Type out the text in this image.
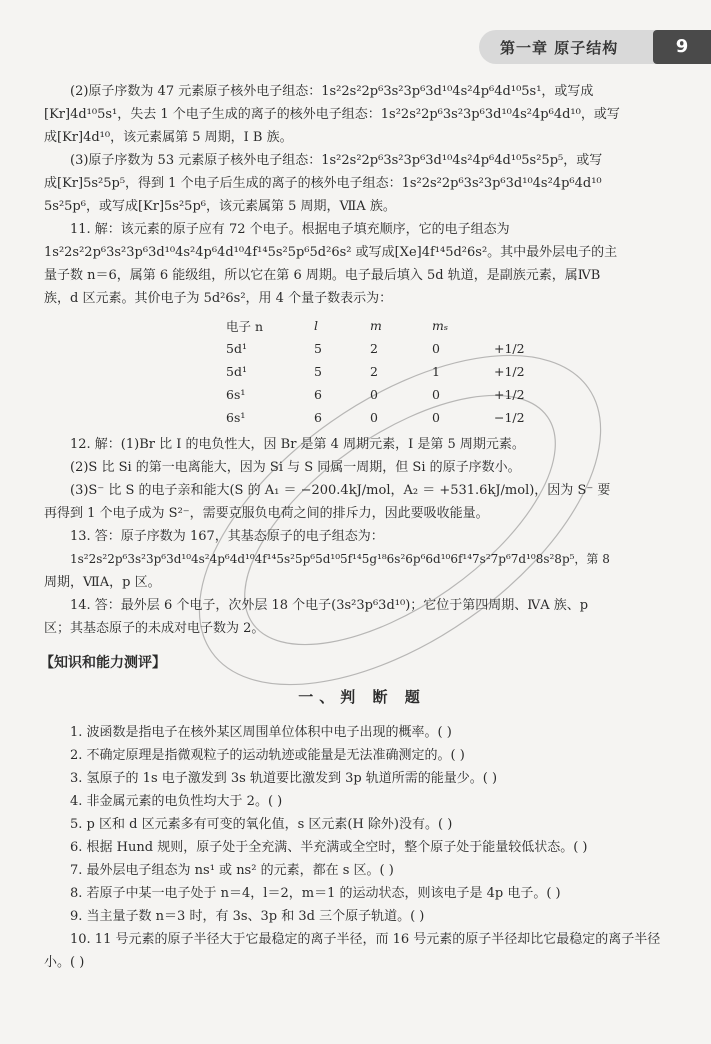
第一章 原子结构	9

(2)原子序数为 47 元素原子核外电子组态：1s²2s²2p⁶3s²3p⁶3d¹⁰4s²4p⁶4d¹⁰5s¹，或写成

[Kr]4d¹⁰5s¹，失去 1 个电子生成的离子的核外电子组态：1s²2s²2p⁶3s²3p⁶3d¹⁰4s²4p⁶4d¹⁰，或写

成[Kr]4d¹⁰，该元素属第 5 周期，Ⅰ B 族。

(3)原子序数为 53 元素原子核外电子组态：1s²2s²2p⁶3s²3p⁶3d¹⁰4s²4p⁶4d¹⁰5s²5p⁵，或写

成[Kr]5s²5p⁵，得到 1 个电子后生成的离子的核外电子组态：1s²2s²2p⁶3s²3p⁶3d¹⁰4s²4p⁶4d¹⁰

5s²5p⁶，或写成[Kr]5s²5p⁶，该元素属第 5 周期，ⅦA 族。

11. 解：该元素的原子应有 72 个电子。根据电子填充顺序，它的电子组态为

1s²2s²2p⁶3s²3p⁶3d¹⁰4s²4p⁶4d¹⁰4f¹⁴5s²5p⁶5d²6s² 或写成[Xe]4f¹⁴5d²6s²。其中最外层电子的主

量子数 n＝6，属第 6 能级组，所以它在第 6 周期。电子最后填入 5d 轨道，是副族元素，属ⅣB

族，d 区元素。其价电子为 5d²6s²，用 4 个量子数表示为：

电子 n	l	m	mₛ	
5d¹	5	2	0	+1/2
5d¹	5	2	1	+1/2
6s¹	6	0	0	+1/2
6s¹	6	0	0	−1/2

12. 解：(1)Br 比 I 的电负性大，因 Br 是第 4 周期元素，I 是第 5 周期元素。

(2)S 比 Si 的第一电离能大，因为 Si 与 S 同属一周期，但 Si 的原子序数小。

(3)S⁻ 比 S 的电子亲和能大(S 的 A₁ ＝ −200.4kJ/mol，A₂ ＝ +531.6kJ/mol)，因为 S⁻ 要

再得到 1 个电子成为 S²⁻，需要克服负电荷之间的排斥力，因此要吸收能量。

13. 答：原子序数为 167，其基态原子的电子组态为：

1s²2s²2p⁶3s²3p⁶3d¹⁰4s²4p⁶4d¹⁰4f¹⁴5s²5p⁶5d¹⁰5f¹⁴5g¹⁸6s²6p⁶6d¹⁰6f¹⁴7s²7p⁶7d¹⁰8s²8p⁵，第 8

周期，ⅦA，p 区。

14. 答：最外层 6 个电子，次外层 18 个电子(3s²3p⁶3d¹⁰)；它位于第四周期、ⅣA 族、p

区；其基态原子的未成对电子数为 2。

【知识和能力测评】
一、判 断 题

1. 波函数是指电子在核外某区周围单位体积中电子出现的概率。( )

2. 不确定原理是指微观粒子的运动轨迹或能量是无法准确测定的。( )

3. 氢原子的 1s 电子激发到 3s 轨道要比激发到 3p 轨道所需的能量少。( )

4. 非金属元素的电负性均大于 2。( )

5. p 区和 d 区元素多有可变的氧化值，s 区元素(H 除外)没有。( )

6. 根据 Hund 规则，原子处于全充满、半充满或全空时，整个原子处于能量较低状态。( )

7. 最外层电子组态为 ns¹ 或 ns² 的元素，都在 s 区。( )

8. 若原子中某一电子处于 n＝4，l＝2，m＝1 的运动状态，则该电子是 4p 电子。( )

9. 当主量子数 n＝3 时，有 3s、3p 和 3d 三个原子轨道。( )

10. 11 号元素的原子半径大于它最稳定的离子半径，而 16 号元素的原子半径却比它最稳定的离子半径小。( )
